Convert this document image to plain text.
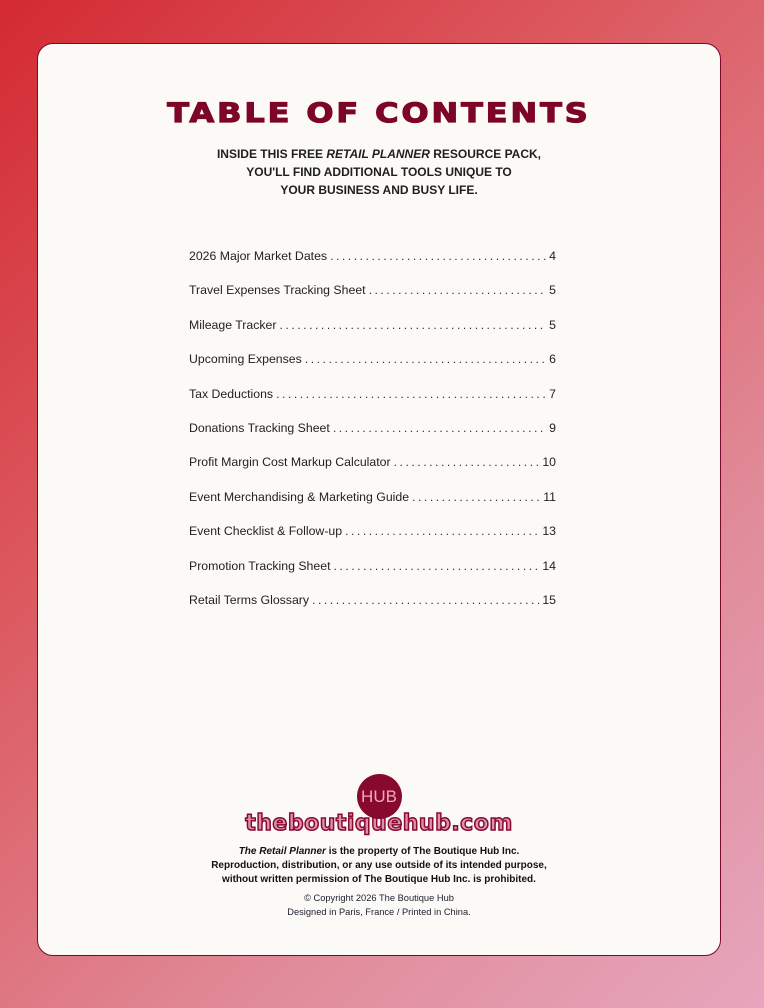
TABLE OF CONTENTS
INSIDE THIS FREE RETAIL PLANNER RESOURCE PACK,
YOU'LL FIND ADDITIONAL TOOLS UNIQUE TO
YOUR BUSINESS AND BUSY LIFE.
2026 Major Market Dates .....	4
Travel Expenses Tracking Sheet .....	5
Mileage Tracker .....	5
Upcoming Expenses .....	6
Tax Deductions .....	7
Donations Tracking Sheet .....	9
Profit Margin Cost Markup Calculator .....	10
Event Merchandising & Marketing Guide .....	11
Event Checklist & Follow-up .....	13
Promotion Tracking Sheet .....	14
Retail Terms Glossary .....	15
HUB
theboutiquehub.com
The Retail Planner is the property of The Boutique Hub Inc.
Reproduction, distribution, or any use outside of its intended purpose,
without written permission of The Boutique Hub Inc. is prohibited.
© Copyright 2026 The Boutique Hub
Designed in Paris, France / Printed in China.
